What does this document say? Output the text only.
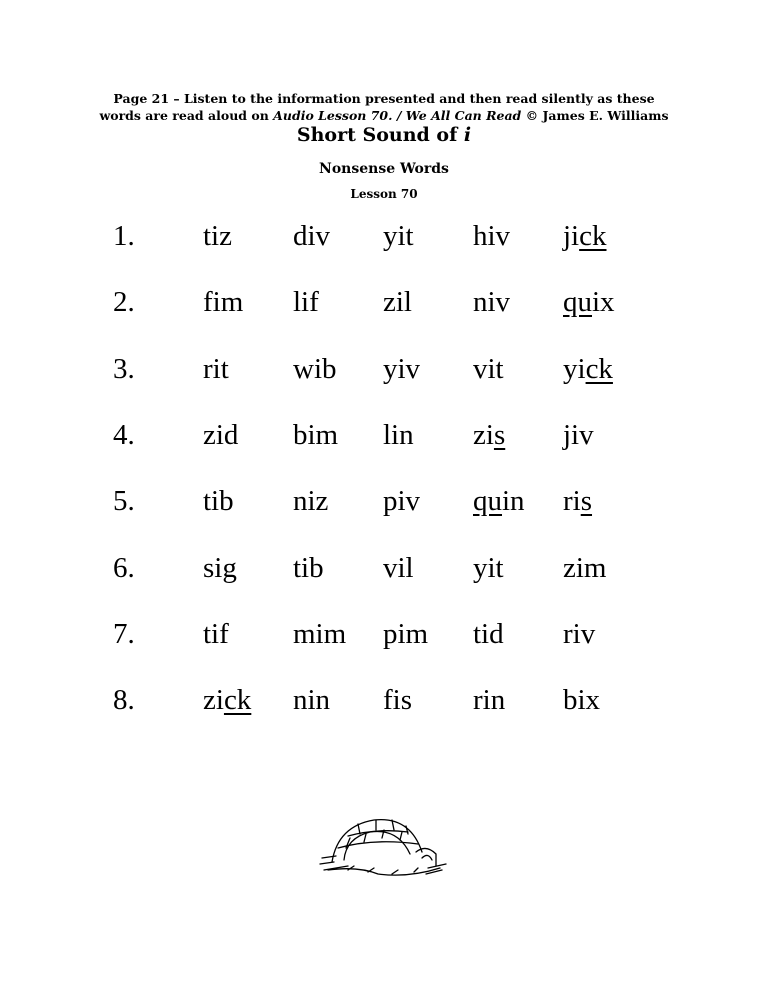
Page 21 – Listen to the information presented and then read silently as these
words are read aloud on Audio Lesson 70. / We All Can Read © James E. Williams
Short Sound of i
Nonsense Words
Lesson 70
1. tiz div yit hiv jick
2. fim lif zil niv quix
3. rit wib yiv vit yick
4. zid bim lin zis jiv
5. tib niz piv quin ris
6. sig tib vil yit zim
7. tif mim pim tid riv
8. zick nin fis rin bix
